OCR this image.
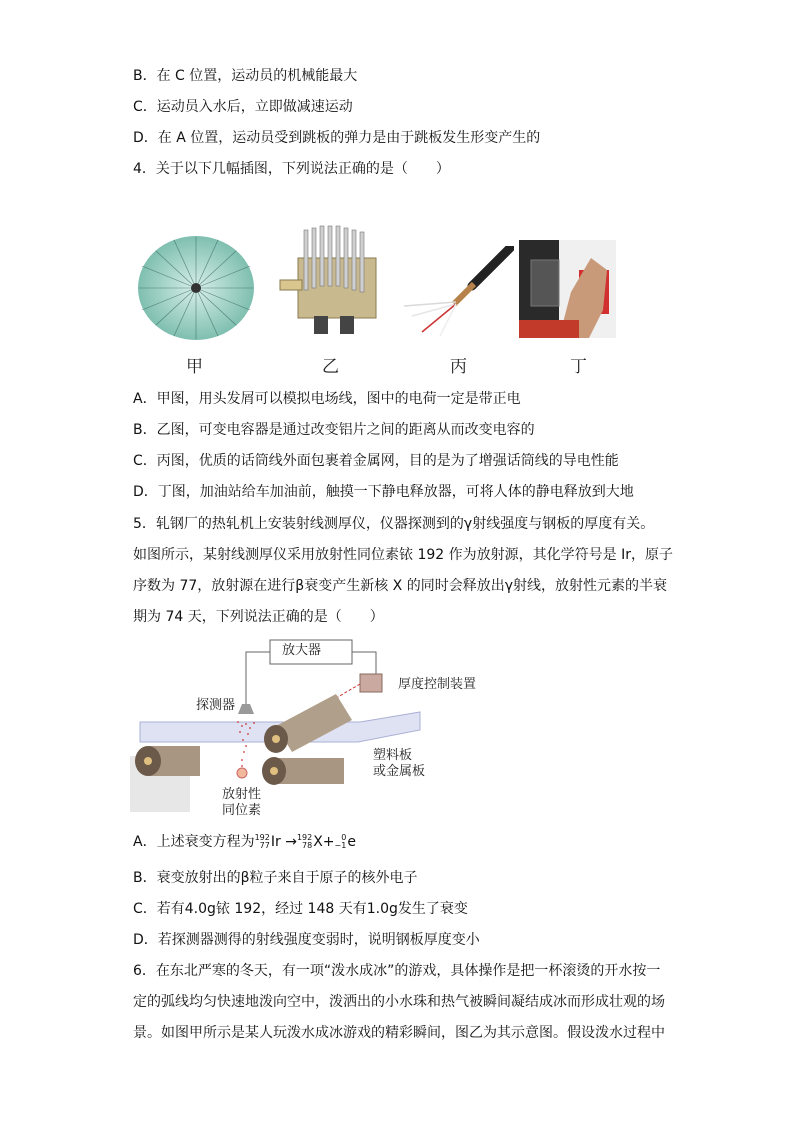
B．在 C 位置，运动员的机械能最大
C．运动员入水后，立即做减速运动
D．在 A 位置，运动员受到跳板的弹力是由于跳板发生形变产生的
4．关于以下几幅插图，下列说法正确的是（　　）
甲	乙	丙	丁
A．甲图，用头发屑可以模拟电场线，图中的电荷一定是带正电
B．乙图，可变电容器是通过改变铝片之间的距离从而改变电容的
C．丙图，优质的话筒线外面包裹着金属网，目的是为了增强话筒线的导电性能
D．丁图，加油站给车加油前，触摸一下静电释放器，可将人体的静电释放到大地
5．轧钢厂的热轧机上安装射线测厚仪，仪器探测到的γ射线强度与钢板的厚度有关。
如图所示，某射线测厚仪采用放射性同位素铱 192 作为放射源，其化学符号是 Ir，原子
序数为 77，放射源在进行β衰变产生新核 X 的同时会释放出γ射线，放射性元素的半衰
期为 74 天，下列说法正确的是（　　）
放大器
探测器
厚度控制装置
塑料板
或金属板
放射性
同位素
A．上述衰变方程为 192
77 Ir → 192
78 X+ 0
−1 e
B．衰变放射出的β粒子来自于原子的核外电子
C．若有4.0g铱 192，经过 148 天有1.0g发生了衰变
D．若探测器测得的射线强度变弱时，说明钢板厚度变小
6．在东北严寒的冬天，有一项“泼水成冰”的游戏，具体操作是把一杯滚烫的开水按一
定的弧线均匀快速地泼向空中，泼洒出的小水珠和热气被瞬间凝结成冰而形成壮观的场
景。如图甲所示是某人玩泼水成冰游戏的精彩瞬间，图乙为其示意图。假设泼水过程中
